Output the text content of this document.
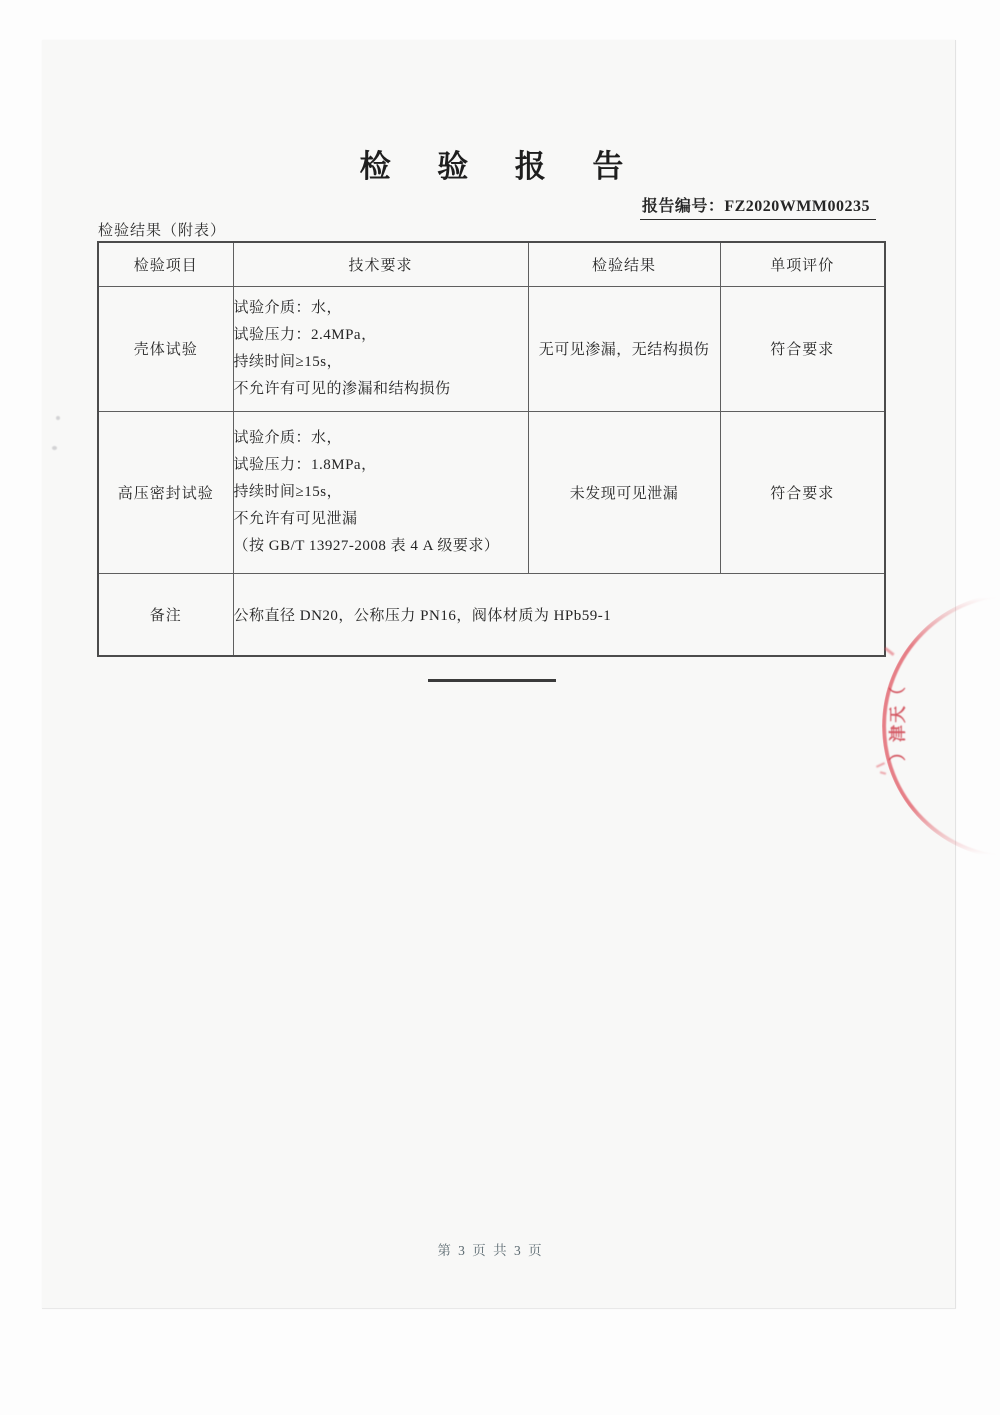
检 验 报 告
报告编号：FZ2020WMM00235
检验结果（附表）
检验项目	技术要求	检验结果	单项评价
壳体试验	试验介质：水，
试验压力：2.4MPa，
持续时间≥15s，
不允许有可见的渗漏和结构损伤	无可见渗漏，无结构损伤	符合要求
高压密封试验	试验介质：水，
试验压力：1.8MPa，
持续时间≥15s，
不允许有可见泄漏
（按 GB/T 13927-2008 表 4 A 级要求）	未发现可见泄漏	符合要求
备注	公称直径 DN20，公称压力 PN16，阀体材质为 HPb59-1		
第 3 页 共 3 页
（
天
津
）
